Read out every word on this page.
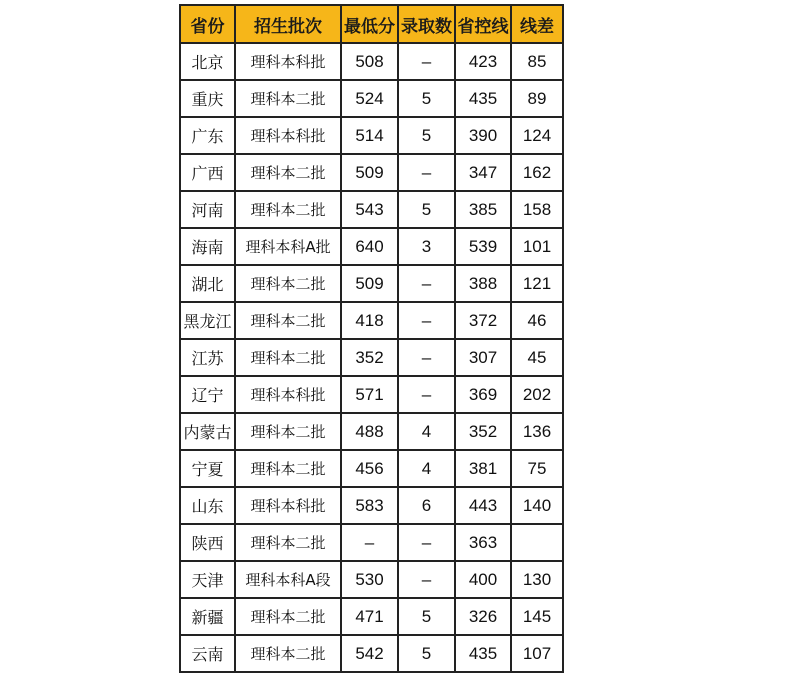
省份	招生批次	最低分	录取数	省控线	线差
北京	理科本科批	508	–	423	85
重庆	理科本二批	524	5	435	89
广东	理科本科批	514	5	390	124
广西	理科本二批	509	–	347	162
河南	理科本二批	543	5	385	158
海南	理科本科A批	640	3	539	101
湖北	理科本二批	509	–	388	121
黑龙江	理科本二批	418	–	372	46
江苏	理科本二批	352	–	307	45
辽宁	理科本科批	571	–	369	202
内蒙古	理科本二批	488	4	352	136
宁夏	理科本二批	456	4	381	75
山东	理科本科批	583	6	443	140
陕西	理科本二批	–	–	363	
天津	理科本科A段	530	–	400	130
新疆	理科本二批	471	5	326	145
云南	理科本二批	542	5	435	107
